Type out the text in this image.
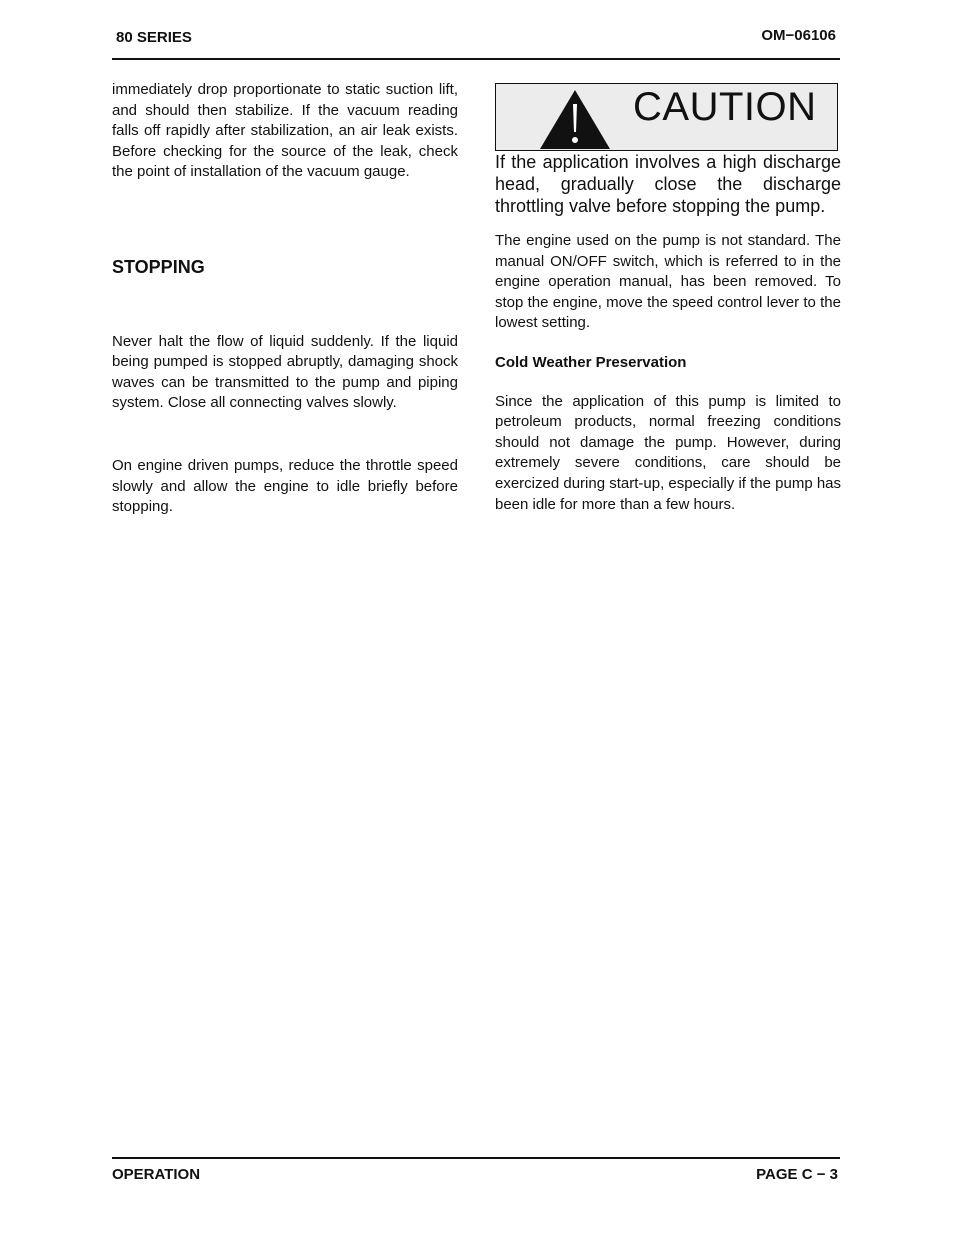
80 SERIES	OM−06106

immediately drop proportionate to static suction lift, and should then stabilize. If the vacuum reading falls off rapidly after stabilization, an air leak exists. Before checking for the source of the leak, check the point of installation of the vacuum gauge.

STOPPING

Never halt the flow of liquid suddenly. If the liquid being pumped is stopped abruptly, damaging shock waves can be transmitted to the pump and piping system. Close all connecting valves slowly.

On engine driven pumps, reduce the throttle speed slowly and allow the engine to idle briefly before stopping.

CAUTION

If the application involves a high discharge head, gradually close the discharge throttling valve before stopping the pump.

The engine used on the pump is not standard. The manual ON/OFF switch, which is referred to in the engine operation manual, has been removed. To stop the engine, move the speed control lever to the lowest setting.

Cold Weather Preservation

Since the application of this pump is limited to petroleum products, normal freezing conditions should not damage the pump. However, during extremely severe conditions, care should be exercized during start-up, especially if the pump has been idle for more than a few hours.

OPERATION	PAGE C − 3
